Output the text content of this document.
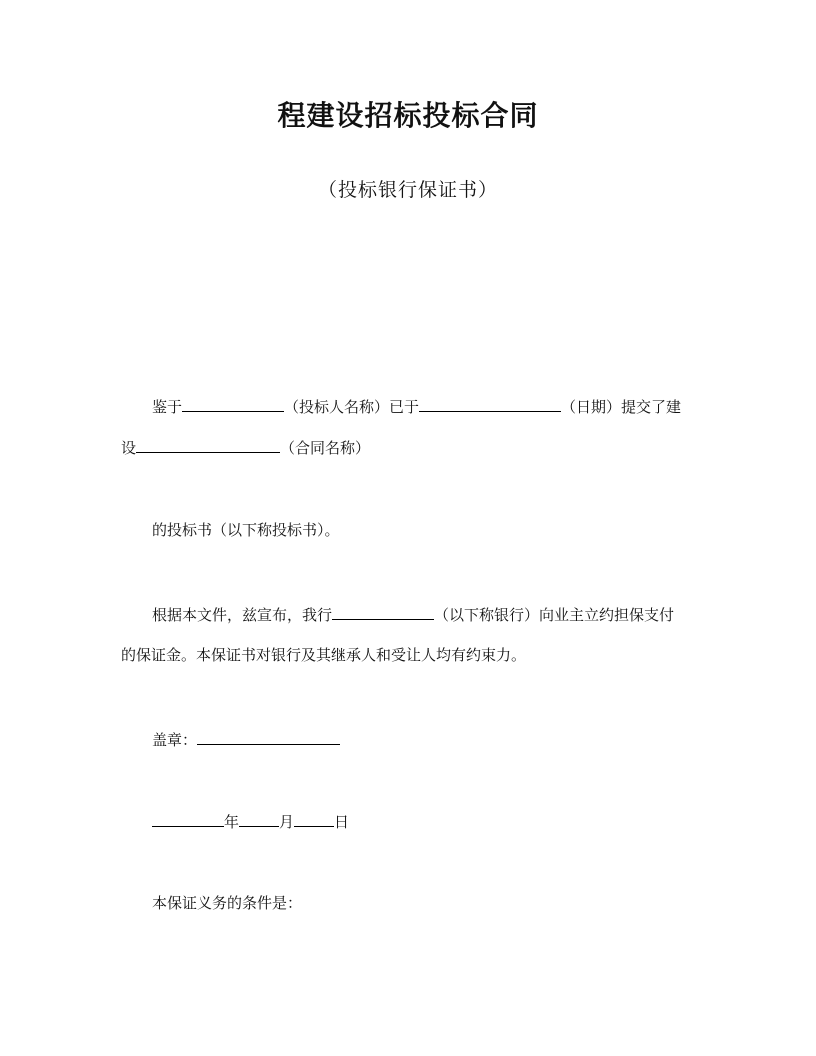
程建设招标投标合同
（投标银行保证书）
鉴于	（投标人名称）已于	（日期）提交了建
设	（合同名称）
的投标书（以下称投标书）。
根据本文件，兹宣布，我行	（以下称银行）向业主立约担保支付
的保证金。本保证书对银行及其继承人和受让人均有约束力。
盖章：
年	月	日
本保证义务的条件是：
